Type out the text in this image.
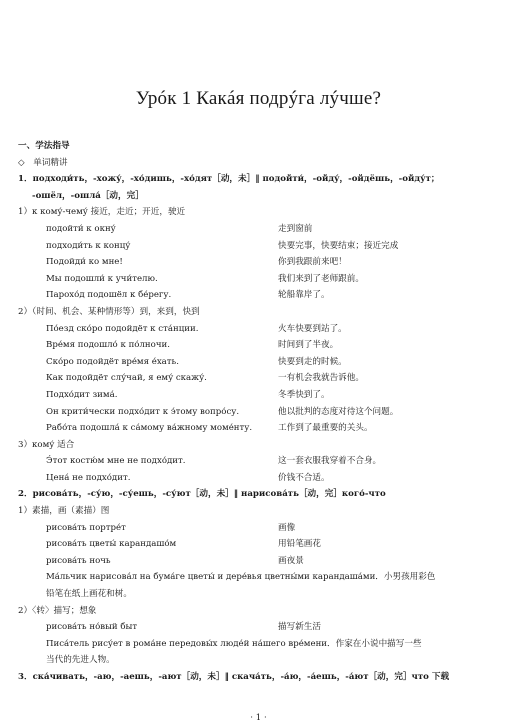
Урóк 1 Какáя подрýга лýчше?
一、学法指导
◇　单词精讲
1．подходи́ть，-хожу́，-хо́дишь，-хо́дят［动，未］‖ подойти́，-ойду́，-ойдёшь，-ойду́т；
-ошёл，-ошла́［动，完］
1）к кому́-чему́ 接近，走近；开近，驶近
подойти́ к окну́	走到窗前
подходи́ть к концу́	快要完事，快要结束；接近完成
Подойди́ ко мне!	你到我跟前来吧！
Мы подошли́ к учи́телю.	我们来到了老师跟前。
Парохо́д подошёл к бе́регу.	轮船靠岸了。
2）（时间、机会、某种情形等）到，来到，快到
По́езд ско́ро подойдёт к ста́нции.	火车快要到站了。
Вре́мя подошло́ к по́лночи.	时间到了半夜。
Ско́ро подойдёт вре́мя е́хать.	快要到走的时候。
Как подойдёт слу́чай, я ему́ скажу́.	一有机会我就告诉他。
Подхо́дит зима́.	冬季快到了。
Он крити́чески подхо́дит к э́тому вопро́су.	他以批判的态度对待这个问题。
Рабо́та подошла́ к са́мому ва́жному моме́нту.	工作到了最重要的关头。
3）кому́ 适合
Э́тот костю́м мне не подхо́дит.	这一套衣服我穿着不合身。
Цена́ не подхо́дит.	价钱不合适。
2．рисова́ть，-су́ю，-су́ешь，-су́ют［动，未］‖ нарисова́ть［动，完］кого́-что
1）素描，画（素描）图
рисова́ть портре́т	画像
рисова́ть цветы́ карандашо́м	用铅笔画花
рисова́ть ночь	画夜景
Ма́льчик нарисова́л на бума́ге цветы́ и дере́вья цветны́ми карандаша́ми．小男孩用彩色
铅笔在纸上画花和树。
2）〈转〉描写；想象
рисова́ть но́вый быт	描写新生活
Писа́тель рису́ет в рома́не передовы́х люде́й на́шего вре́мени．作家在小说中描写一些
当代的先进人物。
3．ска́чивать，-аю，-аешь，-ают［动，未］‖ скача́ть，-а́ю，-а́ешь，-а́ют［动，完］что 下载
· 1 ·
